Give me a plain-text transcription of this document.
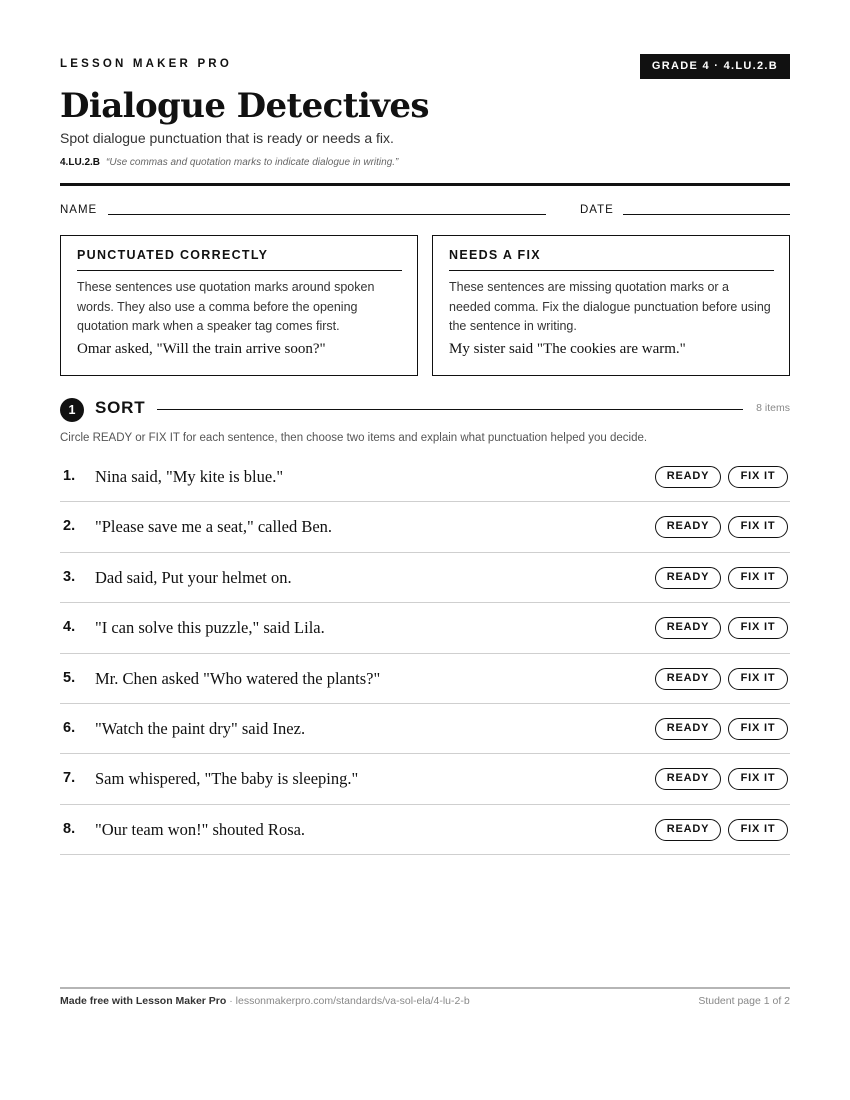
LESSON MAKER PRO	GRADE 4 · 4.LU.2.B
Dialogue Detectives
Spot dialogue punctuation that is ready or needs a fix.
4.LU.2.B “Use commas and quotation marks to indicate dialogue in writing.”
NAME	DATE
PUNCTUATED CORRECTLY
These sentences use quotation marks around spoken words. They also use a comma before the opening quotation mark when a speaker tag comes first.
Omar asked, "Will the train arrive soon?"
NEEDS A FIX
These sentences are missing quotation marks or a needed comma. Fix the dialogue punctuation before using the sentence in writing.
My sister said "The cookies are warm."
1	SORT	8 items
Circle READY or FIX IT for each sentence, then choose two items and explain what punctuation helped you decide.
1. Nina said, "My kite is blue."	READY	FIX IT
2. "Please save me a seat," called Ben.	READY	FIX IT
3. Dad said, Put your helmet on.	READY	FIX IT
4. "I can solve this puzzle," said Lila.	READY	FIX IT
5. Mr. Chen asked "Who watered the plants?"	READY	FIX IT
6. "Watch the paint dry" said Inez.	READY	FIX IT
7. Sam whispered, "The baby is sleeping."	READY	FIX IT
8. "Our team won!" shouted Rosa.	READY	FIX IT
Made free with Lesson Maker Pro · lessonmakerpro.com/standards/va-sol-ela/4-lu-2-b	Student page 1 of 2
